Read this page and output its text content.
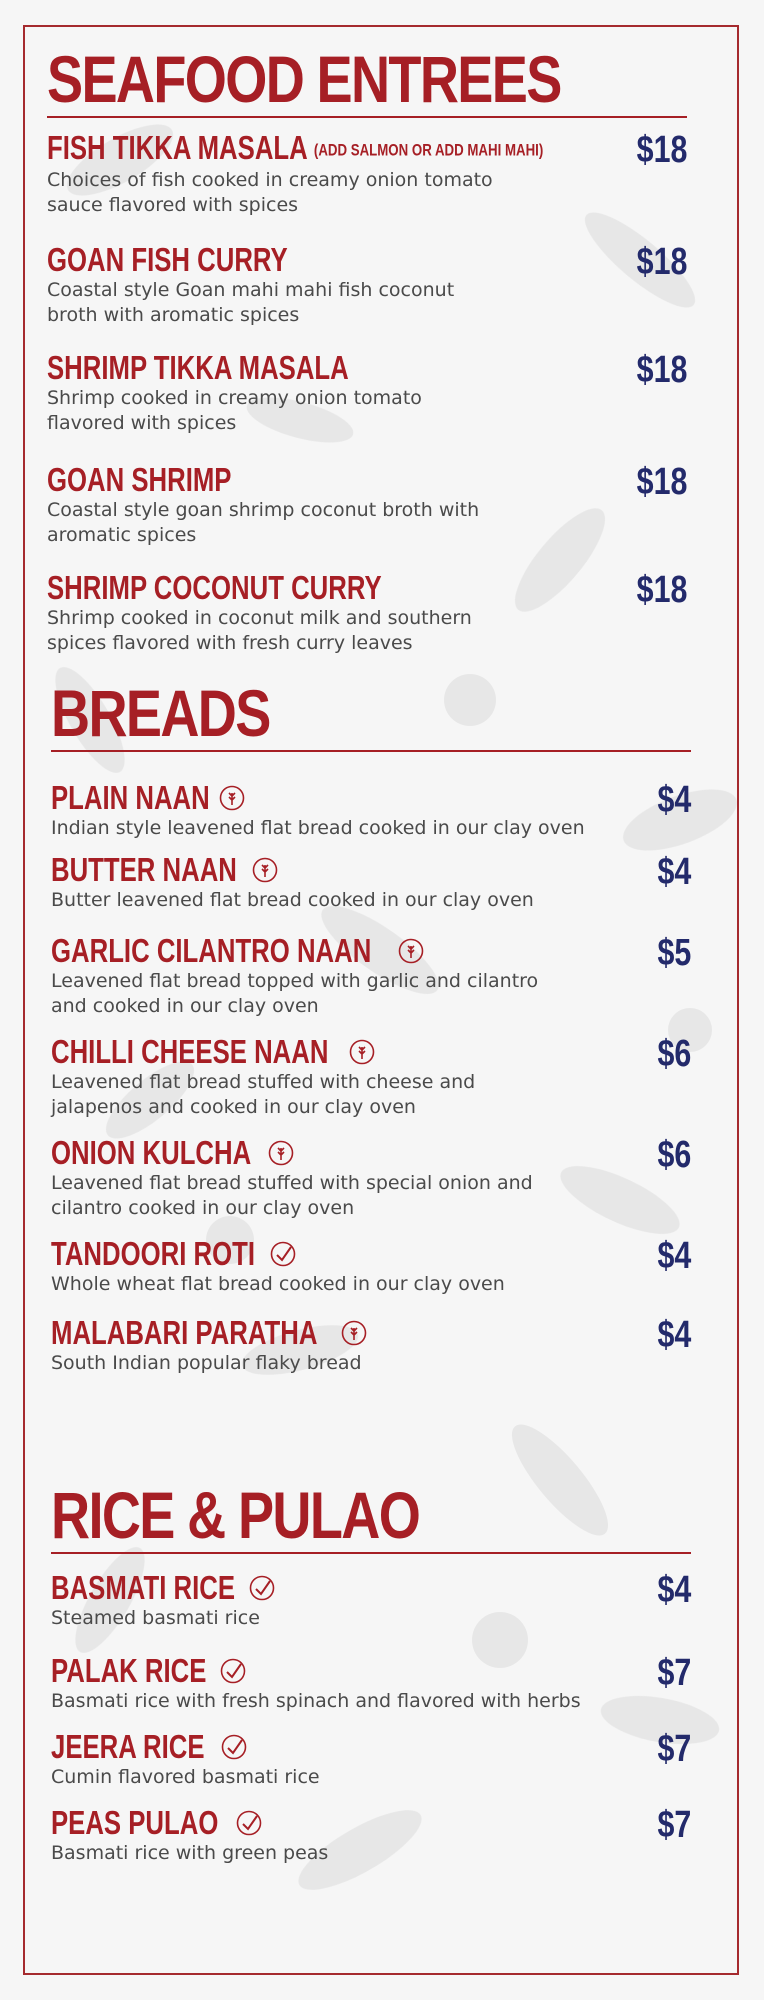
SEAFOOD ENTREES
FISH TIKKA MASALA (ADD SALMON OR ADD MAHI MAHI)
Choices of fish cooked in creamy onion tomato sauce flavored with spices
$18
GOAN FISH CURRY
Coastal style Goan mahi mahi fish coconut broth with aromatic spices
$18
SHRIMP TIKKA MASALA
Shrimp cooked in creamy onion tomato flavored with spices
$18
GOAN SHRIMP
Coastal style goan shrimp coconut broth with aromatic spices
$18
SHRIMP COCONUT CURRY
Shrimp cooked in coconut milk and southern spices flavored with fresh curry leaves
$18
BREADS
PLAIN NAAN
Indian style leavened flat bread cooked in our clay oven
$4
BUTTER NAAN
Butter leavened flat bread cooked in our clay oven
$4
GARLIC CILANTRO NAAN
Leavened flat bread topped with garlic and cilantro and cooked in our clay oven
$5
CHILLI CHEESE NAAN
Leavened flat bread stuffed with cheese and jalapenos and cooked in our clay oven
$6
ONION KULCHA
Leavened flat bread stuffed with special onion and cilantro cooked in our clay oven
$6
TANDOORI ROTI
Whole wheat flat bread cooked in our clay oven
$4
MALABARI PARATHA
South Indian popular flaky bread
$4
RICE & PULAO
BASMATI RICE
Steamed basmati rice
$4
PALAK RICE
Basmati rice with fresh spinach and flavored with herbs
$7
JEERA RICE
Cumin flavored basmati rice
$7
PEAS PULAO
Basmati rice with green peas
$7
